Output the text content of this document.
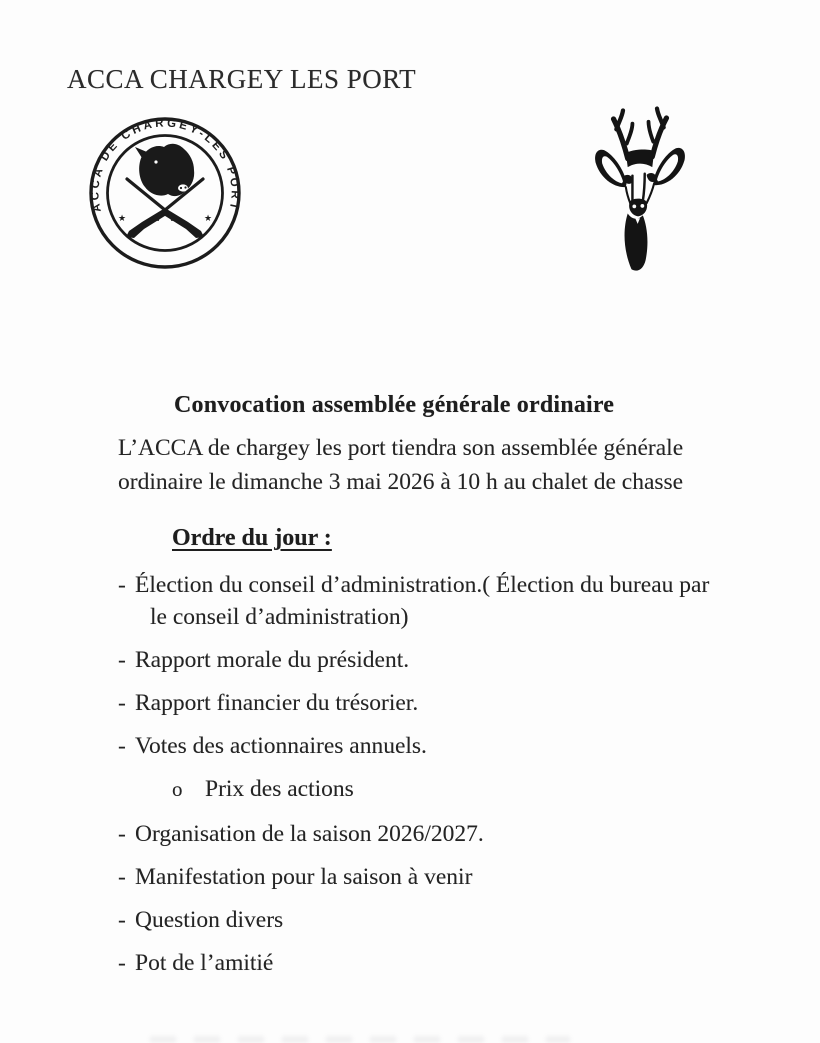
ACCA CHARGEY LES PORT
ACCA DE CHARGEY-LES PORT
★	★
Convocation assemblée générale ordinaire

L’ACCA de chargey les port tiendra son assemblée générale ordinaire le dimanche 3 mai 2026 à 10 h au chalet de chasse

Ordre du jour :
- Élection du conseil d’administration.( Élection du bureau par le conseil d’administration)
- Rapport morale du président.
- Rapport financier du trésorier.
- Votes des actionnaires annuels.
o Prix des actions
- Organisation de la saison 2026/2027.
- Manifestation pour la saison à venir
- Question divers
- Pot de l’amitié
